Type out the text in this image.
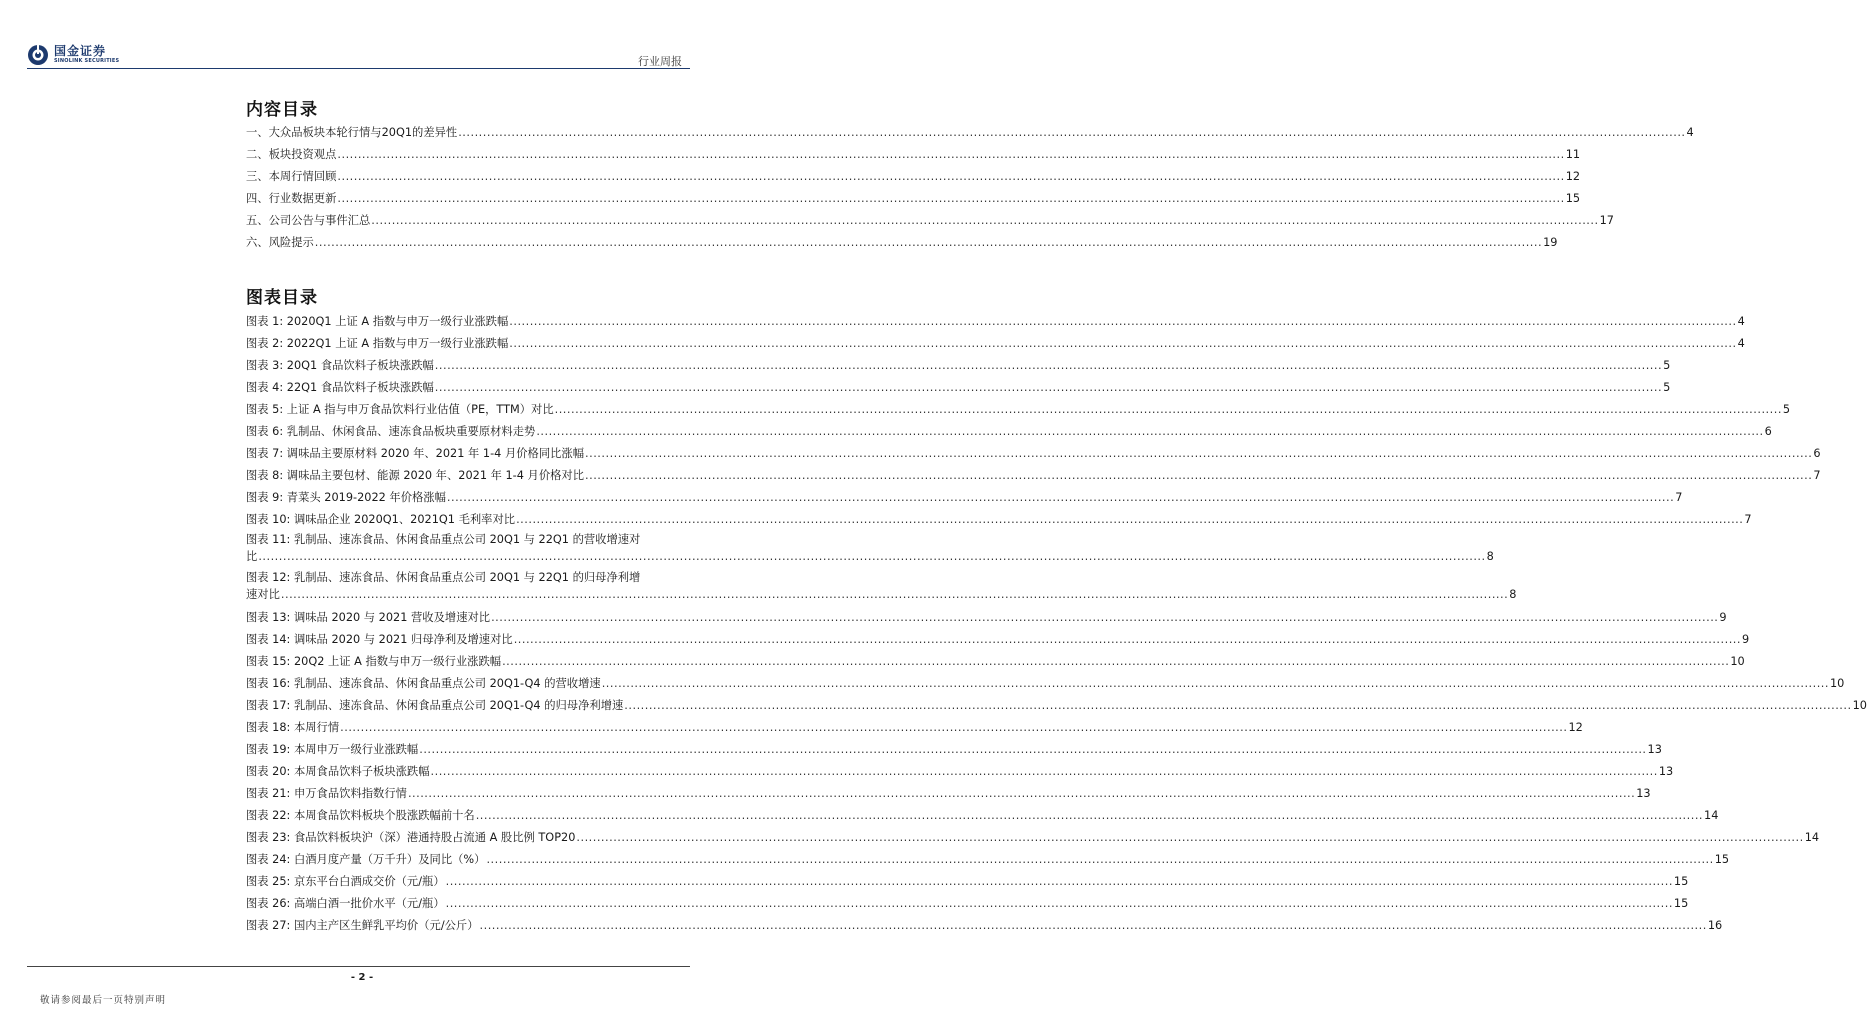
国金证券
SINOLINK SECURITIES	行业周报
内容目录
一、大众品板块本轮行情与20Q1的差异性 ............................................................................................................................................................................................................................................................................................................ 4
二、板块投资观点 ............................................................................................................................................................................................................................................................................................................ 11
三、本周行情回顾 ............................................................................................................................................................................................................................................................................................................ 12
四、行业数据更新 ............................................................................................................................................................................................................................................................................................................ 15
五、公司公告与事件汇总 ............................................................................................................................................................................................................................................................................................................ 17
六、风险提示 ............................................................................................................................................................................................................................................................................................................ 19
图表目录
图表 1: 2020Q1 上证 A 指数与申万一级行业涨跌幅 ............................................................................................................................................................................................................................................................................................................ 4
图表 2: 2022Q1 上证 A 指数与申万一级行业涨跌幅 ............................................................................................................................................................................................................................................................................................................ 4
图表 3: 20Q1 食品饮料子板块涨跌幅 ............................................................................................................................................................................................................................................................................................................ 5
图表 4: 22Q1 食品饮料子板块涨跌幅 ............................................................................................................................................................................................................................................................................................................ 5
图表 5: 上证 A 指与申万食品饮料行业估值（PE，TTM）对比 ............................................................................................................................................................................................................................................................................................................ 5
图表 6: 乳制品、休闲食品、速冻食品板块重要原材料走势 ............................................................................................................................................................................................................................................................................................................ 6
图表 7: 调味品主要原材料 2020 年、2021 年 1-4 月价格同比涨幅 ............................................................................................................................................................................................................................................................................................................ 6
图表 8: 调味品主要包材、能源 2020 年、2021 年 1-4 月价格对比 ............................................................................................................................................................................................................................................................................................................ 7
图表 9: 青菜头 2019-2022 年价格涨幅 ............................................................................................................................................................................................................................................................................................................ 7
图表 10: 调味品企业 2020Q1、2021Q1 毛利率对比 ............................................................................................................................................................................................................................................................................................................ 7
图表 11: 乳制品、速冻食品、休闲食品重点公司 20Q1 与 22Q1 的营收增速对
比 ............................................................................................................................................................................................................................................................................................................ 8
图表 12: 乳制品、速冻食品、休闲食品重点公司 20Q1 与 22Q1 的归母净利增
速对比 ............................................................................................................................................................................................................................................................................................................ 8
图表 13: 调味品 2020 与 2021 营收及增速对比 ............................................................................................................................................................................................................................................................................................................ 9
图表 14: 调味品 2020 与 2021 归母净利及增速对比 ............................................................................................................................................................................................................................................................................................................ 9
图表 15: 20Q2 上证 A 指数与申万一级行业涨跌幅 ............................................................................................................................................................................................................................................................................................................ 10
图表 16: 乳制品、速冻食品、休闲食品重点公司 20Q1-Q4 的营收增速 ............................................................................................................................................................................................................................................................................................................ 10
图表 17: 乳制品、速冻食品、休闲食品重点公司 20Q1-Q4 的归母净利增速 ............................................................................................................................................................................................................................................................................................................ 10
图表 18: 本周行情 ............................................................................................................................................................................................................................................................................................................ 12
图表 19: 本周申万一级行业涨跌幅 ............................................................................................................................................................................................................................................................................................................ 13
图表 20: 本周食品饮料子板块涨跌幅 ............................................................................................................................................................................................................................................................................................................ 13
图表 21: 申万食品饮料指数行情 ............................................................................................................................................................................................................................................................................................................ 13
图表 22: 本周食品饮料板块个股涨跌幅前十名 ............................................................................................................................................................................................................................................................................................................ 14
图表 23: 食品饮料板块沪（深）港通持股占流通 A 股比例 TOP20 ............................................................................................................................................................................................................................................................................................................ 14
图表 24: 白酒月度产量（万千升）及同比（%） ............................................................................................................................................................................................................................................................................................................ 15
图表 25: 京东平台白酒成交价（元/瓶） ............................................................................................................................................................................................................................................................................................................ 15
图表 26: 高端白酒一批价水平（元/瓶） ............................................................................................................................................................................................................................................................................................................ 15
图表 27: 国内主产区生鲜乳平均价（元/公斤） ............................................................................................................................................................................................................................................................................................................ 16
- 2 -
敬请参阅最后一页特别声明
